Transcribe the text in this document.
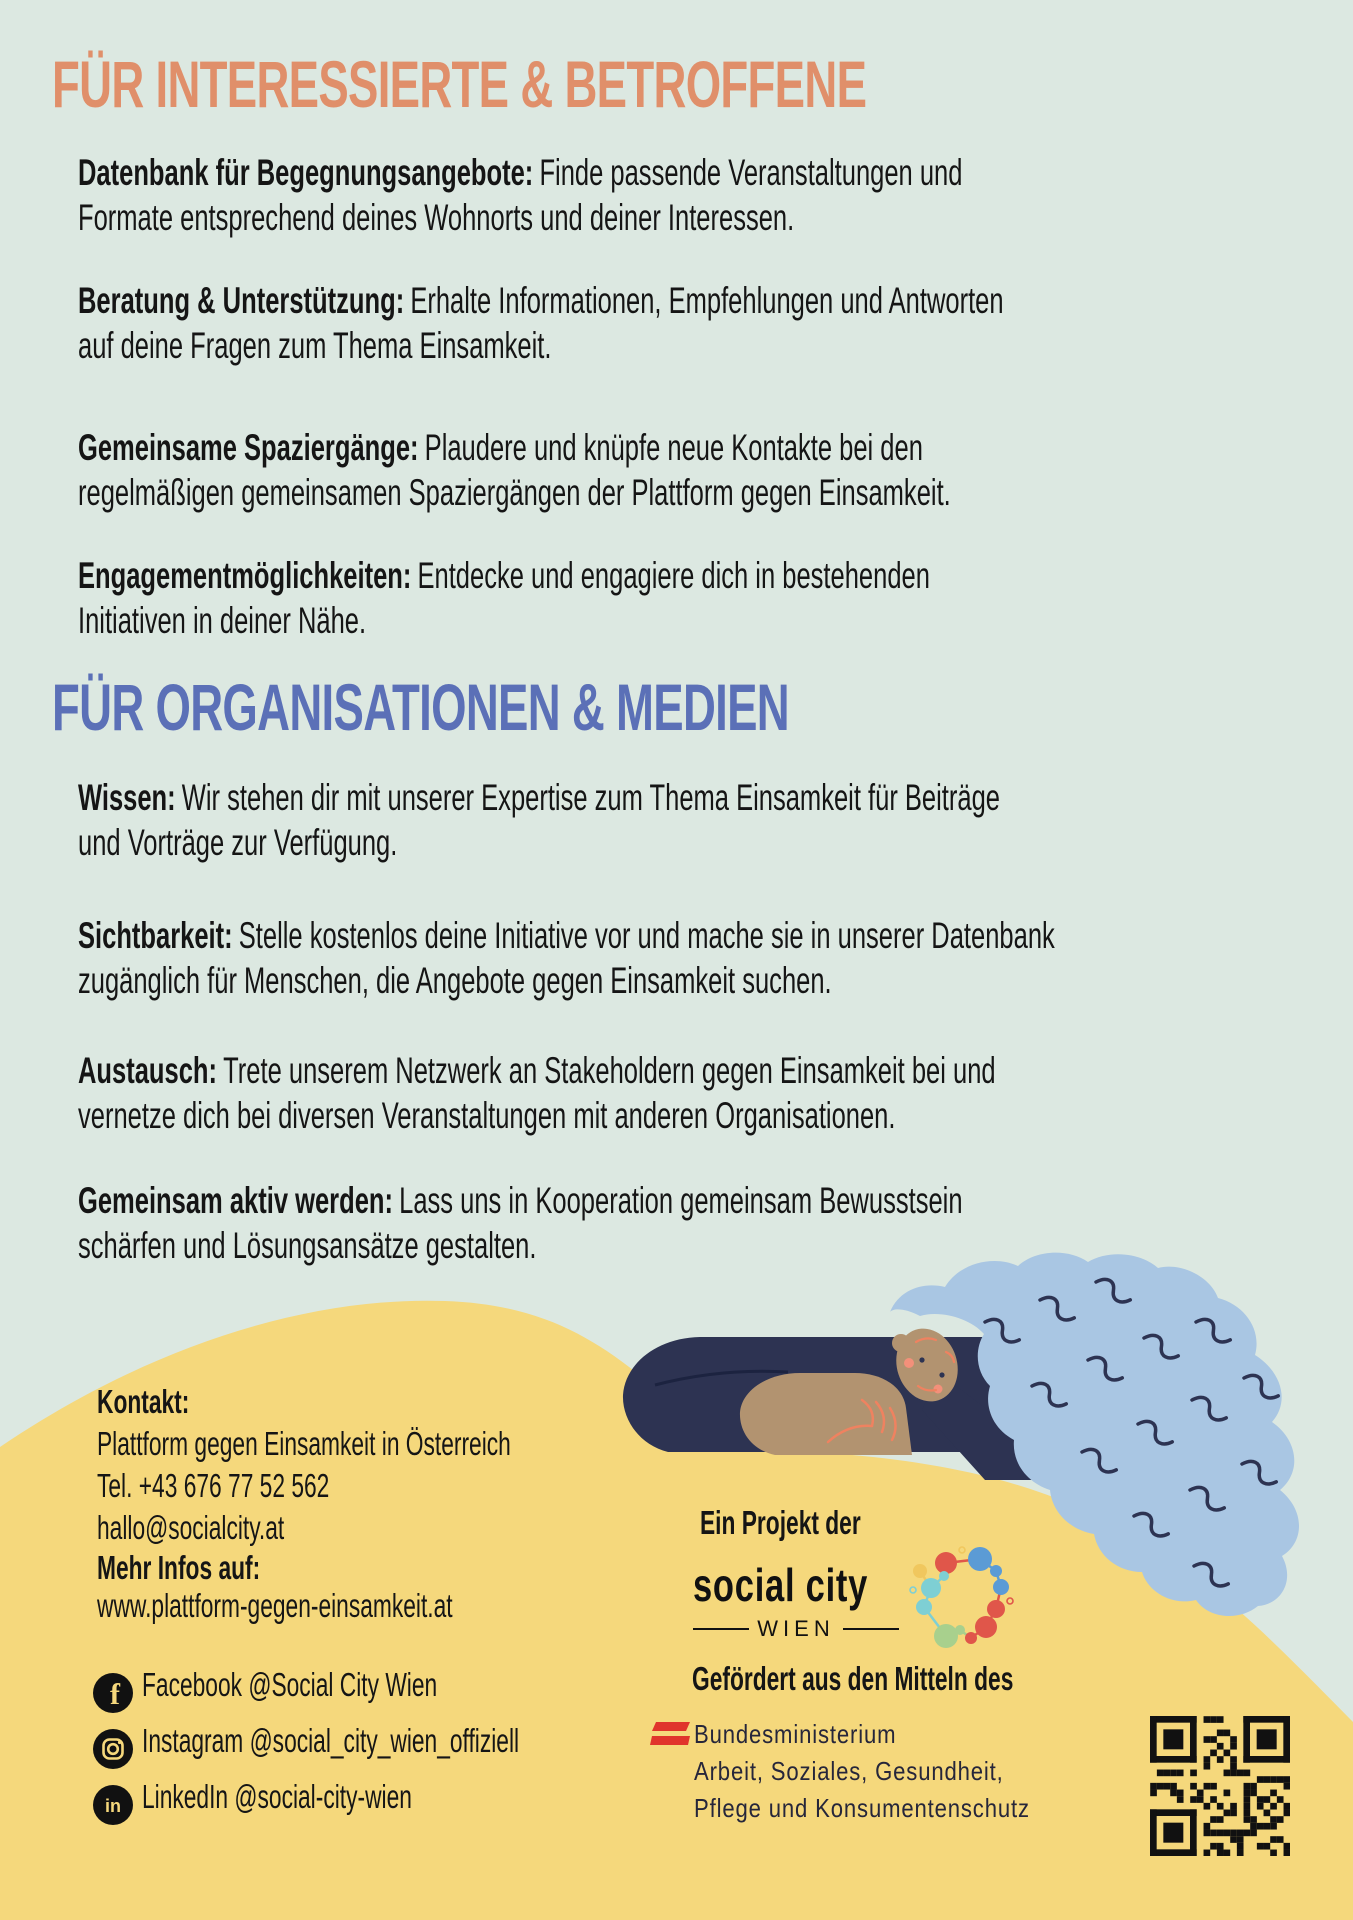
FÜR INTERESSIERTE & BETROFFENE
Datenbank für Begegnungsangebote: Finde passende Veranstaltungen und Formate entsprechend deines Wohnorts und deiner Interessen.
Beratung & Unterstützung: Erhalte Informationen, Empfehlungen und Antworten auf deine Fragen zum Thema Einsamkeit.
Gemeinsame Spaziergänge: Plaudere und knüpfe neue Kontakte bei den regelmäßigen gemeinsamen Spaziergängen der Plattform gegen Einsamkeit.
Engagementmöglichkeiten: Entdecke und engagiere dich in bestehenden Initiativen in deiner Nähe.
FÜR ORGANISATIONEN & MEDIEN
Wissen: Wir stehen dir mit unserer Expertise zum Thema Einsamkeit für Beiträge und Vorträge zur Verfügung.
Sichtbarkeit: Stelle kostenlos deine Initiative vor und mache sie in unserer Datenbank zugänglich für Menschen, die Angebote gegen Einsamkeit suchen.
Austausch: Trete unserem Netzwerk an Stakeholdern gegen Einsamkeit bei und vernetze dich bei diversen Veranstaltungen mit anderen Organisationen.
Gemeinsam aktiv werden: Lass uns in Kooperation gemeinsam Bewusstsein schärfen und Lösungsansätze gestalten.
Kontakt:
Plattform gegen Einsamkeit in Österreich
Tel. +43 676 77 52 562
hallo@socialcity.at
Mehr Infos auf:
www.plattform-gegen-einsamkeit.at
f Facebook @Social City Wien
Instagram @social_city_wien_offiziell
in LinkedIn @social-city-wien
Ein Projekt der
social city
WIEN
Gefördert aus den Mitteln des
Bundesministerium
Arbeit, Soziales, Gesundheit,
Pflege und Konsumentenschutz
